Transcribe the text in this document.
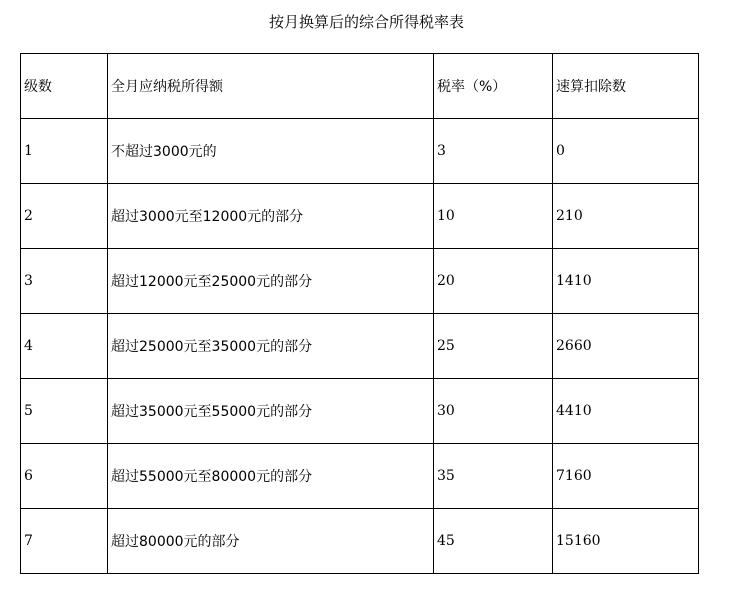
按月换算后的综合所得税率表
级数	全月应纳税所得额	税率（%）	速算扣除数
1	不超过3000元的	3	0
2	超过3000元至12000元的部分	10	210
3	超过12000元至25000元的部分	20	1410
4	超过25000元至35000元的部分	25	2660
5	超过35000元至55000元的部分	30	4410
6	超过55000元至80000元的部分	35	7160
7	超过80000元的部分	45	15160
